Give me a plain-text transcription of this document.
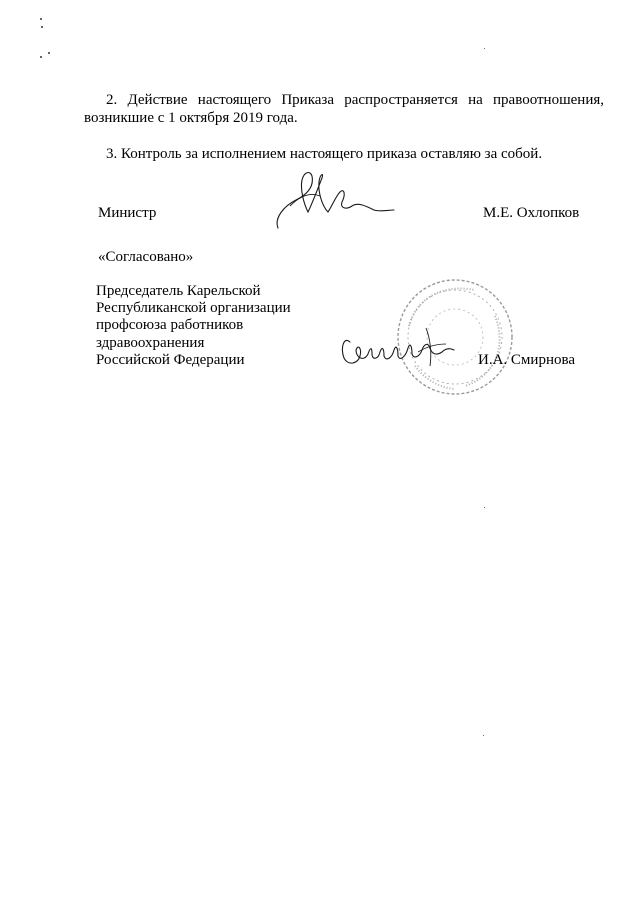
2. Действие настоящего Приказа распространяется на правоотношения, возникшие с 1 октября 2019 года.
3. Контроль за исполнением настоящего приказа оставляю за собой.
Министр	М.Е. Охлопков
«Согласовано»
Председатель Карельской
Республиканской организации
профсоюза работников
здравоохранения
Российской Федерации	И.А. Смирнова
